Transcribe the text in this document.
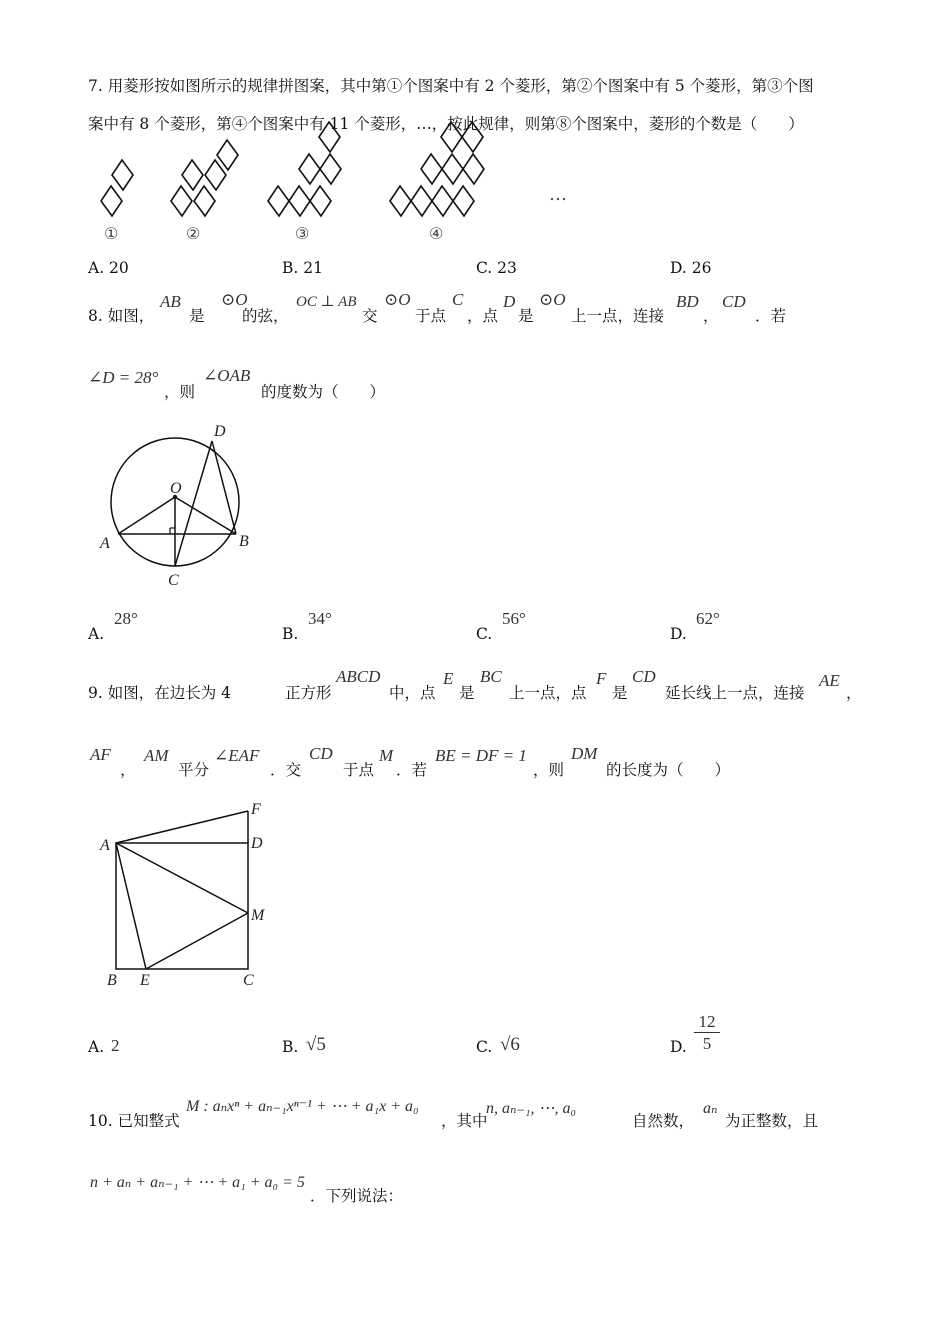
7. 用菱形按如图所示的规律拼图案，其中第①个图案中有 2 个菱形，第②个图案中有 5 个菱形，第③个图
案中有 8 个菱形，第④个图案中有 11 个菱形，…，按此规律，则第⑧个图案中，菱形的个数是（　　）
①	②	③	④
…
A. 20	B. 21	C. 23	D. 26
8. 如图，
AB
是
⊙O
的弦，
OC ⊥ AB
交
⊙O
于点
C
，点
D
是
⊙O
上一点，连接
BD
，
CD
．若
∠D = 28°
，则
∠OAB
的度数为（　　）
D
O
A	B
C
A.
28°
B.
34°
C.
56°
D.
62°
9. 如图，在边长为 4	正方形
ABCD
中，点
E
是
BC
上一点，点
F
是
CD
延长线上一点，连接
AE
，
AF
，
AM
平分
∠EAF
．交
CD
于点
M
．若
BE = DF = 1
，则
DM
的长度为（　　）
F
A	D
M
B E	C
A. 2	B. √5	C. √6	D. $\frac{12}{5}$
10. 已知整式
M : aₙxⁿ + aₙ₋₁xⁿ⁻¹ + ⋯ + a₁x + a₀
，其中
n, aₙ₋₁, ⋯, a₀
自然数，
aₙ
为正整数，且
n + aₙ + aₙ₋₁ + ⋯ + a₁ + a₀ = 5
．下列说法：
